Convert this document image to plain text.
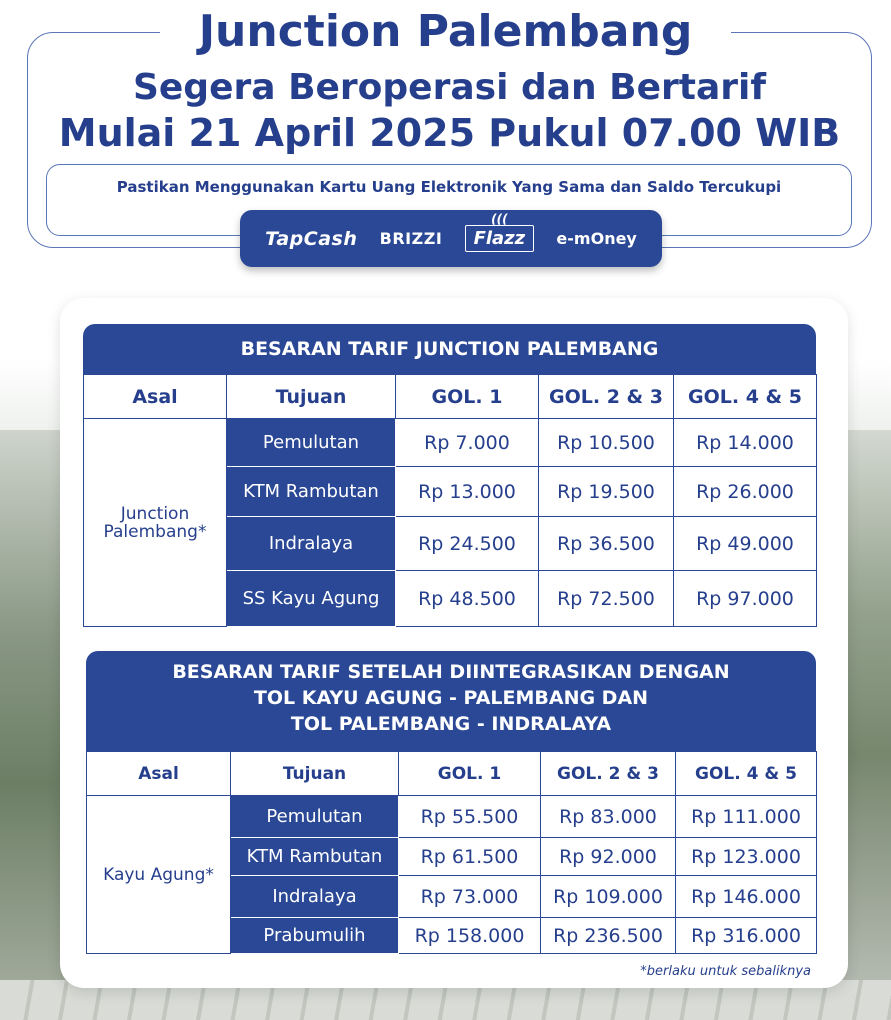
Junction Palembang
Segera Beroperasi dan Bertarif
Mulai 21 April 2025 Pukul 07.00 WIB
Pastikan Menggunakan Kartu Uang Elektronik Yang Sama dan Saldo Tercukupi
TapCash BRIZZI
(((
Flazz	e-mOney
BESARAN TARIF JUNCTION PALEMBANG
Asal	Tujuan	GOL. 1	GOL. 2 & 3	GOL. 4 & 5
Junction Palembang*	Pemulutan	Rp 7.000	Rp 10.500	Rp 14.000
	KTM Rambutan	Rp 13.000	Rp 19.500	Rp 26.000
	Indralaya	Rp 24.500	Rp 36.500	Rp 49.000
	SS Kayu Agung	Rp 48.500	Rp 72.500	Rp 97.000
BESARAN TARIF SETELAH DIINTEGRASIKAN DENGAN
TOL KAYU AGUNG - PALEMBANG DAN
TOL PALEMBANG - INDRALAYA
Asal	Tujuan	GOL. 1	GOL. 2 & 3	GOL. 4 & 5
Kayu Agung*	Pemulutan	Rp 55.500	Rp 83.000	Rp 111.000
	KTM Rambutan	Rp 61.500	Rp 92.000	Rp 123.000
	Indralaya	Rp 73.000	Rp 109.000	Rp 146.000
	Prabumulih	Rp 158.000	Rp 236.500	Rp 316.000
*berlaku untuk sebaliknya
